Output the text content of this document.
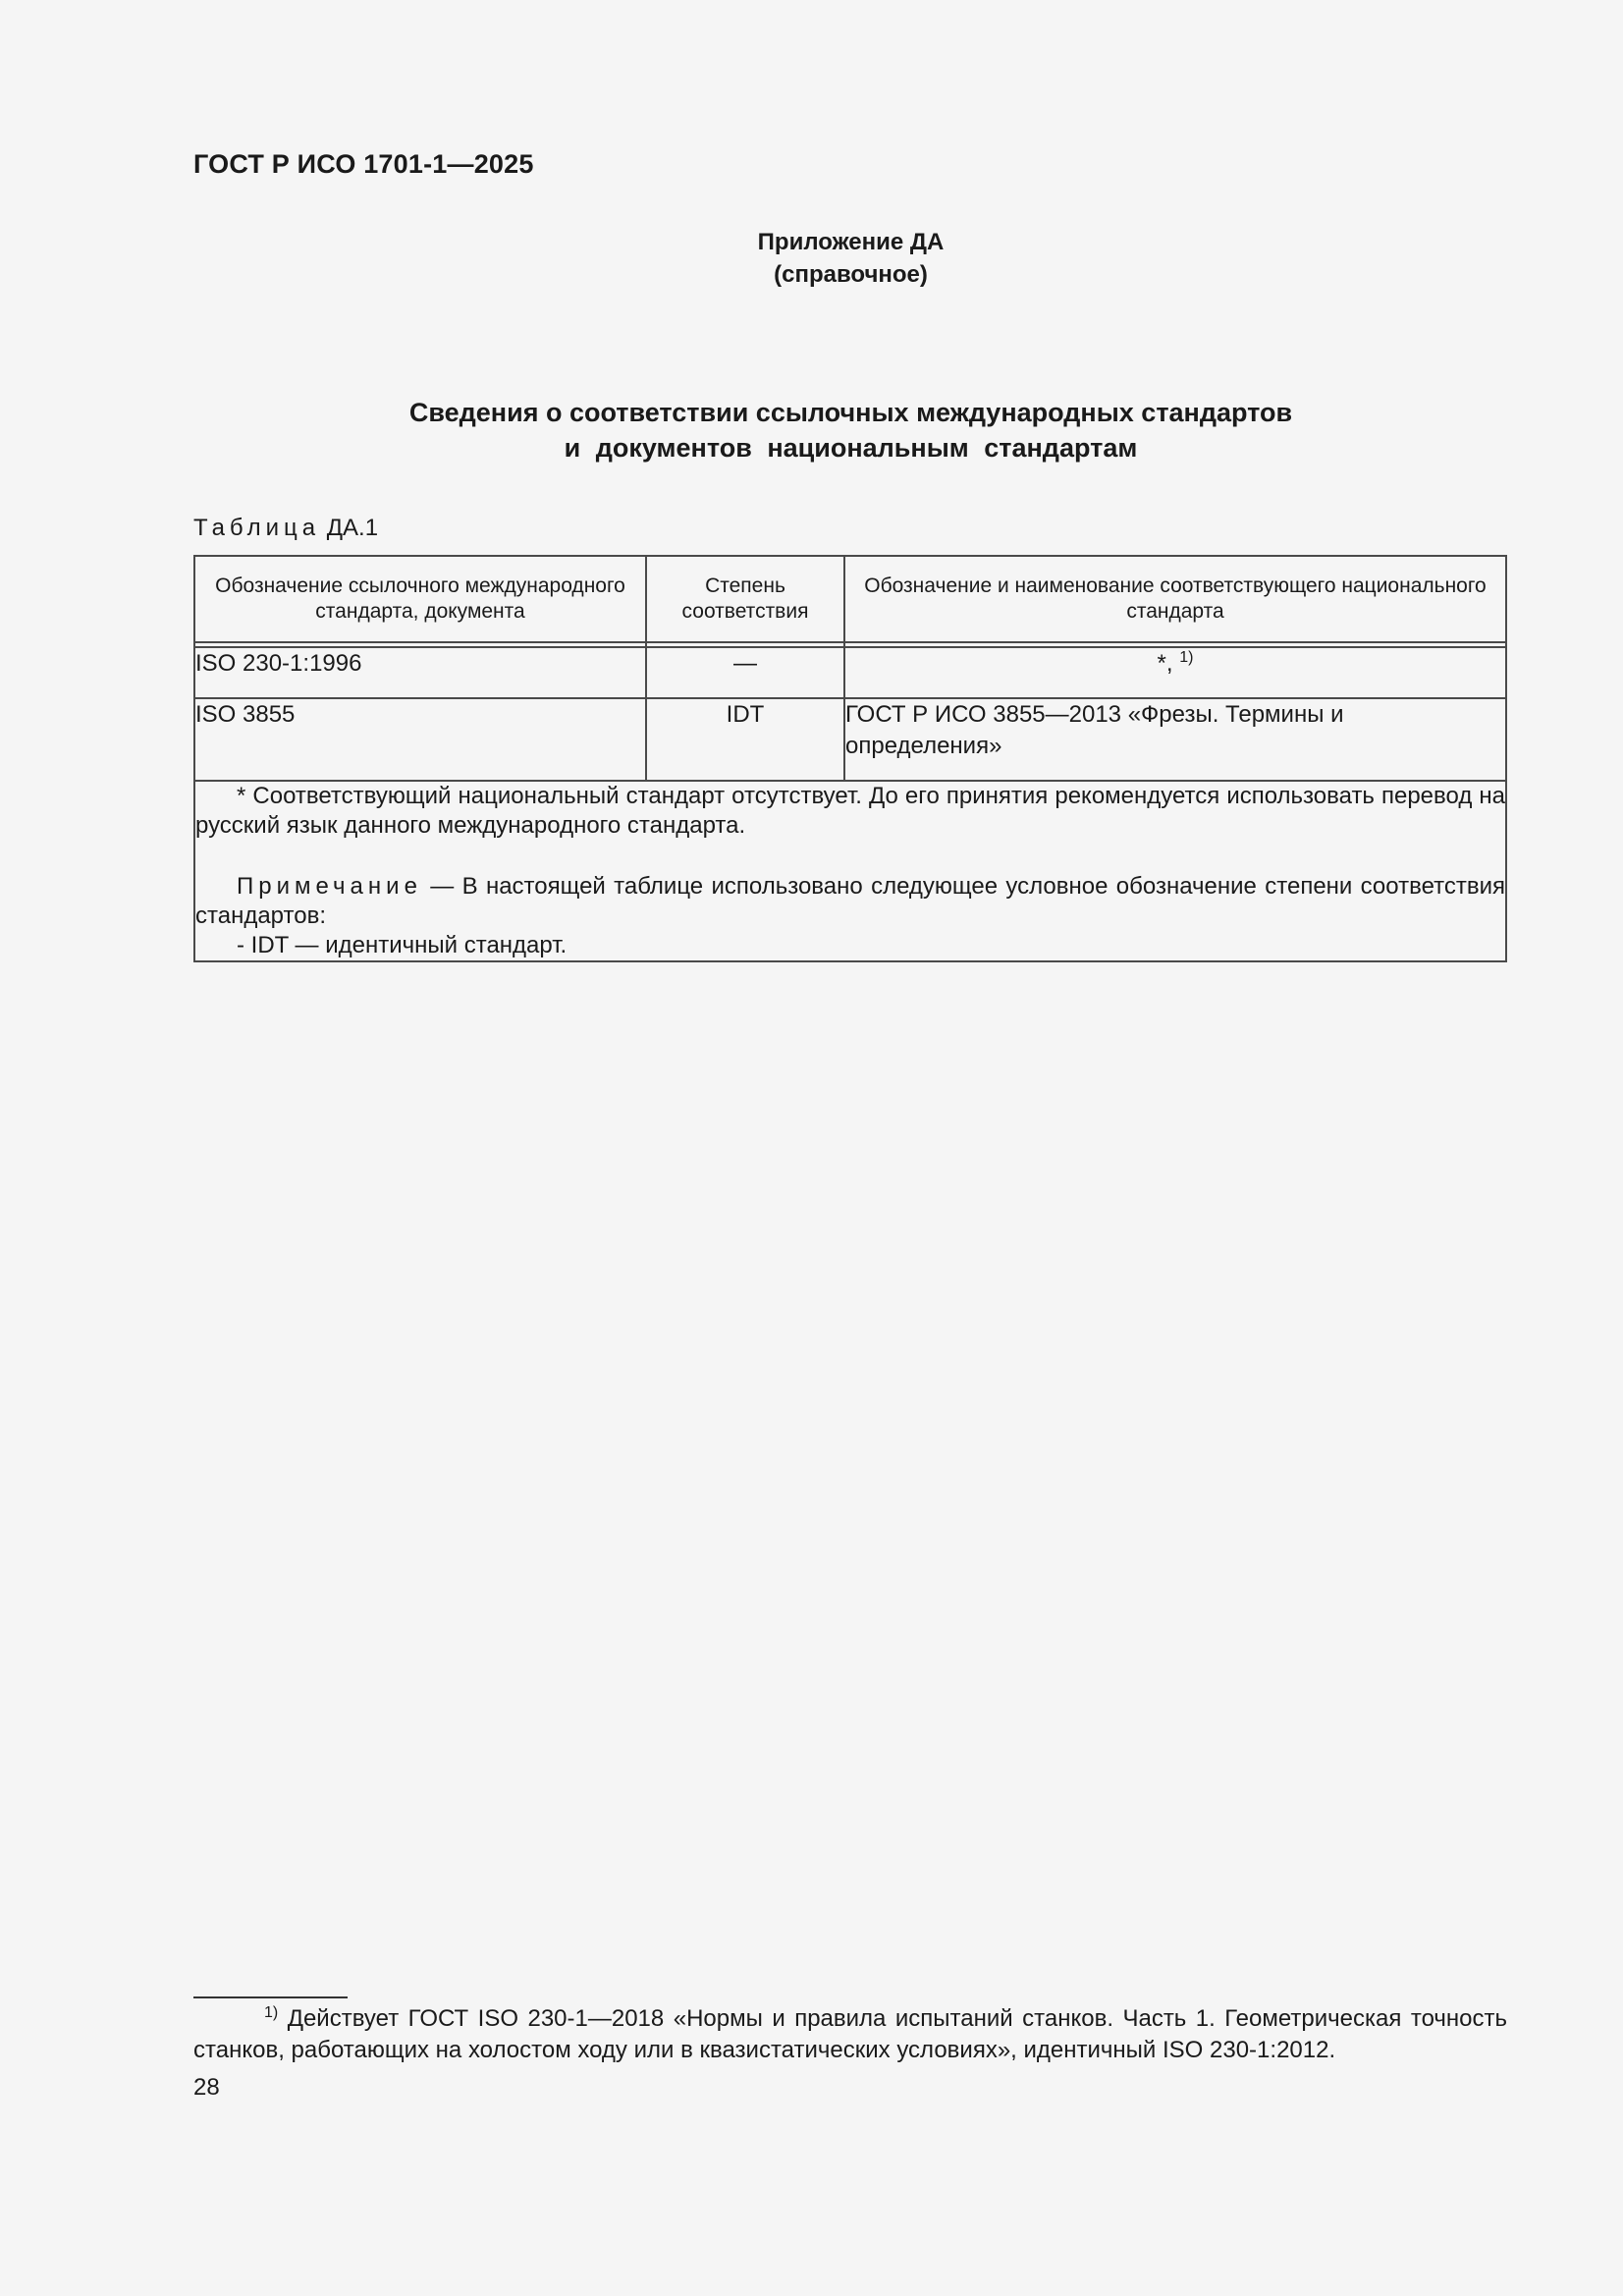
ГОСТ Р ИСО 1701-1—2025
Приложение ДА
(справочное)
Сведения о соответствии ссылочных международных стандартов
и документов национальным стандартам
Таблица ДА.1
Обозначение ссылочного международного стандарта, документа	Степень соответствия	Обозначение и наименование соответствующего национального стандарта

ISO 230-1:1996	—	*, $^{1)}$
ISO 3855	IDT	ГОСТ Р ИСО 3855—2013 «Фрезы. Термины и определения»

* Соответствующий национальный стандарт отсутствует. До его принятия рекомендуется использовать перевод на русский язык данного международного стандарта.

Примечание — В настоящей таблице использовано следующее условное обозначение степени соответствия стандартов:

- IDT — идентичный стандарт.		

$^{1)}$ Действует ГОСТ ISO 230-1—2018 «Нормы и правила испытаний станков. Часть 1. Геометрическая точность станков, работающих на холостом ходу или в квазистатических условиях», идентичный ISO 230-1:2012.

28
